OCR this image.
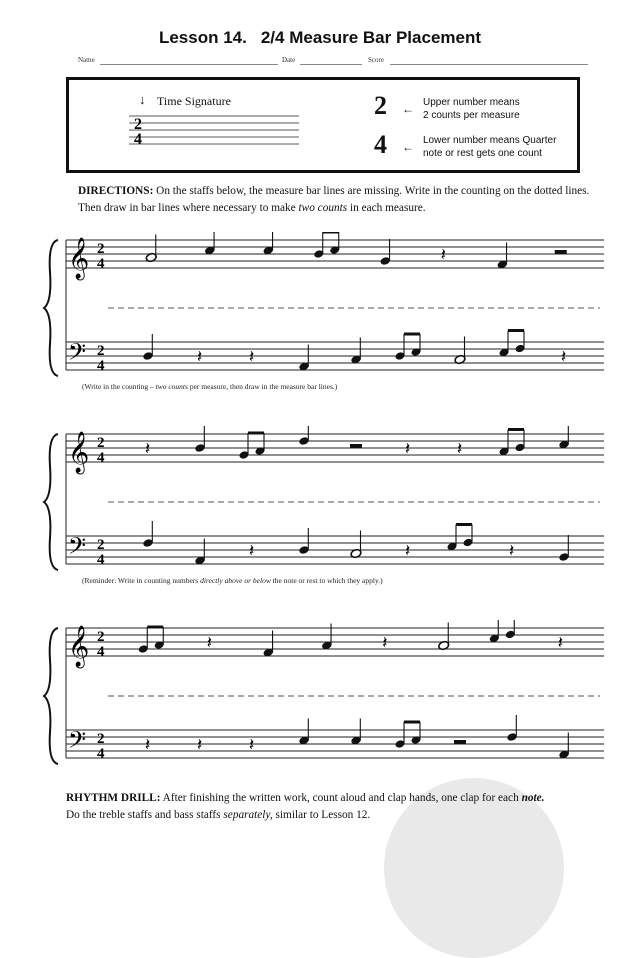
Lesson 14. 2/4 Measure Bar Placement
Name	Date	Score
↓ Time Signature
2
4
2 ← Upper number means
2 counts per measure
4 ← Lower number means Quarter
note or rest gets one count
DIRECTIONS: On the staffs below, the measure bar lines are missing. Write in the counting on the dotted lines. Then draw in bar lines where necessary to make two counts in each measure.
𝄞 2
4	𝄽
𝄢 2
4	𝄽	𝄽	𝄽
(Write in the counting – two counts per measure, then draw in the measure bar lines.)
𝄞 2
4 𝄽	𝄽	𝄽
𝄢 2
4	𝄽	𝄽	𝄽
(Reminder: Write in counting numbers directly above or below the note or rest to which they apply.)
𝄞 2
4	𝄽	𝄽	𝄽
𝄢 2
4 𝄽	𝄽	𝄽
RHYTHM DRILL: After finishing the written work, count aloud and clap hands, one clap for each note.
Do the treble staffs and bass staffs separately, similar to Lesson 12.
